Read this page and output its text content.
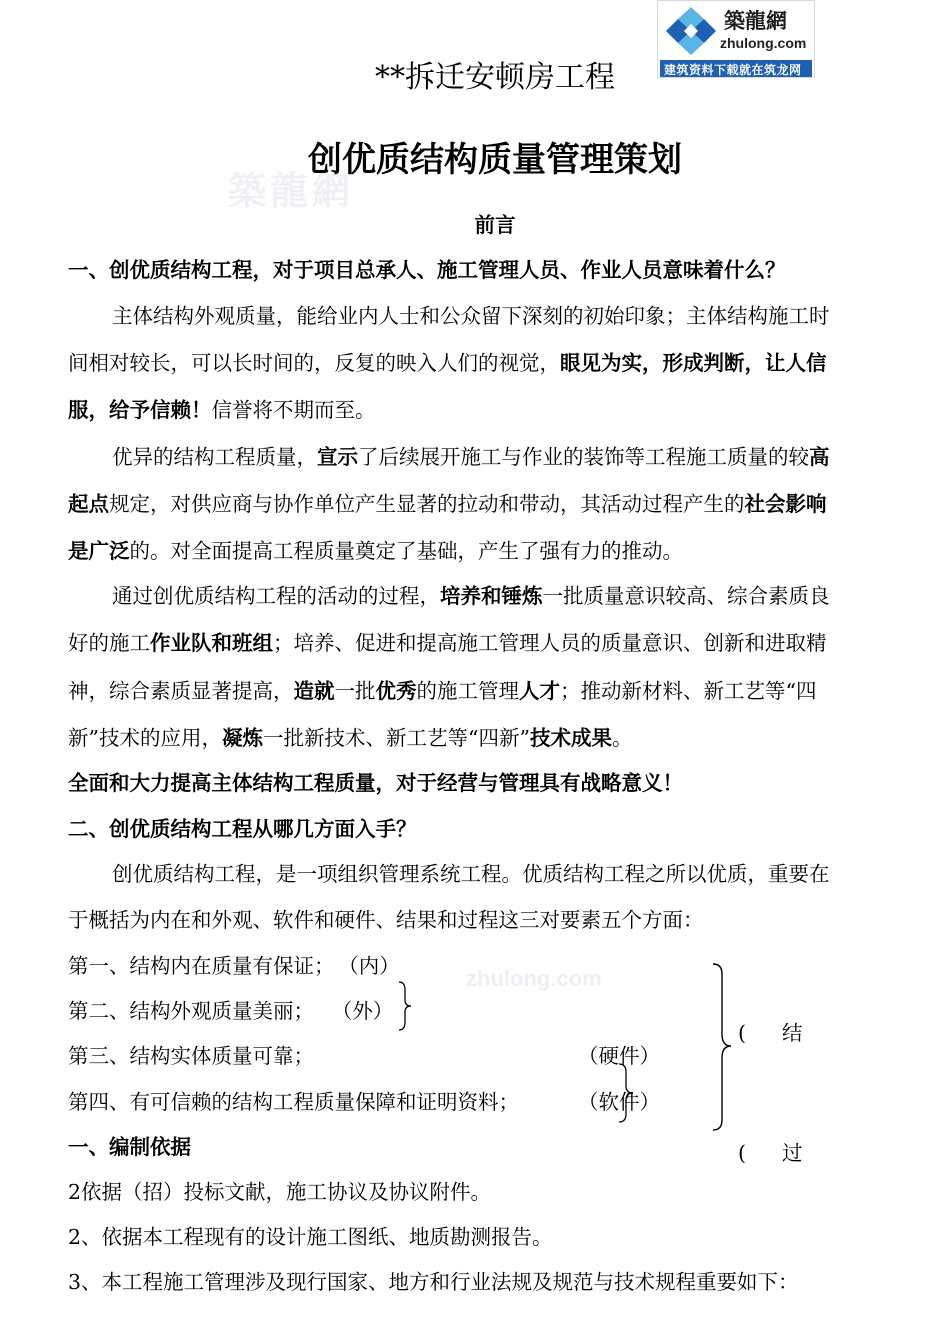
築龍網
zhulong.com
築龍網
zhulong.com
建筑资料下载就在筑龙网
**拆迁安顿房工程
创优质结构质量管理策划
前言
一、创优质结构工程，对于项目总承人、施工管理人员、作业人员意味着什么？
主体结构外观质量，能给业内人士和公众留下深刻的初始印象；主体结构施工时
间相对较长，可以长时间的，反复的映入人们的视觉，眼见为实，形成判断，让人信
服，给予信赖！信誉将不期而至。
优异的结构工程质量，宣示了后续展开施工与作业的装饰等工程施工质量的较高
起点规定，对供应商与协作单位产生显著的拉动和带动，其活动过程产生的社会影响
是广泛的。对全面提高工程质量奠定了基础，产生了强有力的推动。
通过创优质结构工程的活动的过程，培养和锤炼一批质量意识较高、综合素质良
好的施工作业队和班组；培养、促进和提高施工管理人员的质量意识、创新和进取精
神，综合素质显著提高，造就一批优秀的施工管理人才；推动新材料、新工艺等“四
新”技术的应用，凝炼一批新技术、新工艺等“四新”技术成果。
全面和大力提高主体结构工程质量，对于经营与管理具有战略意义！
二、创优质结构工程从哪几方面入手？
创优质结构工程，是一项组织管理系统工程。优质结构工程之所以优质，重要在
于概括为内在和外观、软件和硬件、结果和过程这三对要素五个方面：
第一、结构内在质量有保证； （内）
第二、结构外观质量美丽； （外）
第三、结构实体质量可靠；	（硬件）
第四、有可信赖的结构工程质量保障和证明资料；	（软件）
( 结
( 过
一、编制依据
2依据（招）投标文献，施工协议及协议附件。
2、依据本工程现有的设计施工图纸、地质勘测报告。
3、本工程施工管理涉及现行国家、地方和行业法规及规范与技术规程重要如下：
